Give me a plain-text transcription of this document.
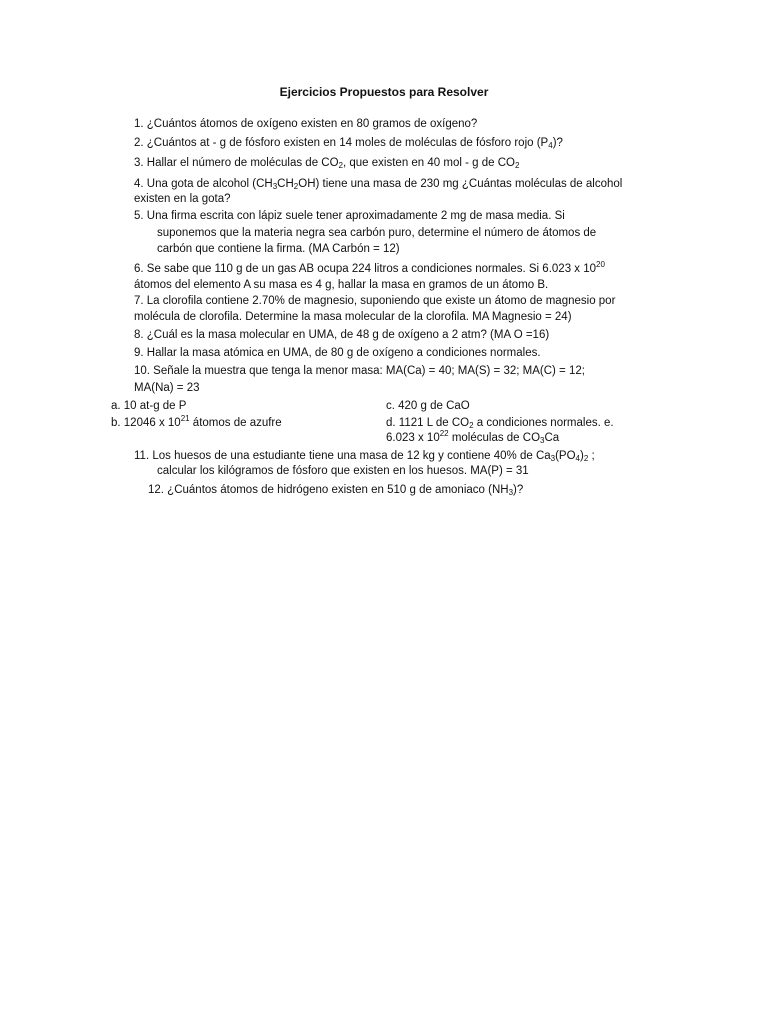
Ejercicios Propuestos para Resolver
1. ¿Cuántos átomos de oxígeno existen en 80 gramos de oxígeno?
2. ¿Cuántos at - g de fósforo existen en 14 moles de moléculas de fósforo rojo $(P_4)$?
3. Hallar el número de moléculas de $CO_2$, que existen en 40 mol - g de $CO_2$
4. Una gota de alcohol $(CH_3CH_2OH)$ tiene una masa de 230 mg ¿Cuántas moléculas de alcohol
existen en la gota?
5. Una firma escrita con lápiz suele tener aproximadamente 2 mg de masa media. Si
suponemos que la materia negra sea carbón puro, determine el número de átomos de
carbón que contiene la firma. (MA Carbón = 12)
6. Se sabe que 110 g de un gas AB ocupa 224 litros a condiciones normales. Si 6.023 x $10^{20}$
átomos del elemento A su masa es 4 g, hallar la masa en gramos de un átomo B.
7. La clorofila contiene 2.70% de magnesio, suponiendo que existe un átomo de magnesio por
molécula de clorofila. Determine la masa molecular de la clorofila. MA Magnesio = 24)
8. ¿Cuál es la masa molecular en UMA, de 48 g de oxígeno a 2 atm? (MA O =16)
9. Hallar la masa atómica en UMA, de 80 g de oxígeno a condiciones normales.
10. Señale la muestra que tenga la menor masa: MA(Ca) = 40; MA(S) = 32; MA(C) = 12;
MA(Na) = 23
a. 10 at-g de P	c. 420 g de CaO
b. 12046 x $10^{21}$ átomos de azufre	d. 1121 L de $CO_2$ a condiciones normales. e.
6.023 x $10^{22}$ moléculas de $CO_3Ca$
11. Los huesos de una estudiante tiene una masa de 12 kg y contiene 40% de $Ca_3(PO_4)_2$ ;
calcular los kilógramos de fósforo que existen en los huesos. MA(P) = 31
12. ¿Cuántos átomos de hidrógeno existen en 510 g de amoniaco $(NH_3)$?
